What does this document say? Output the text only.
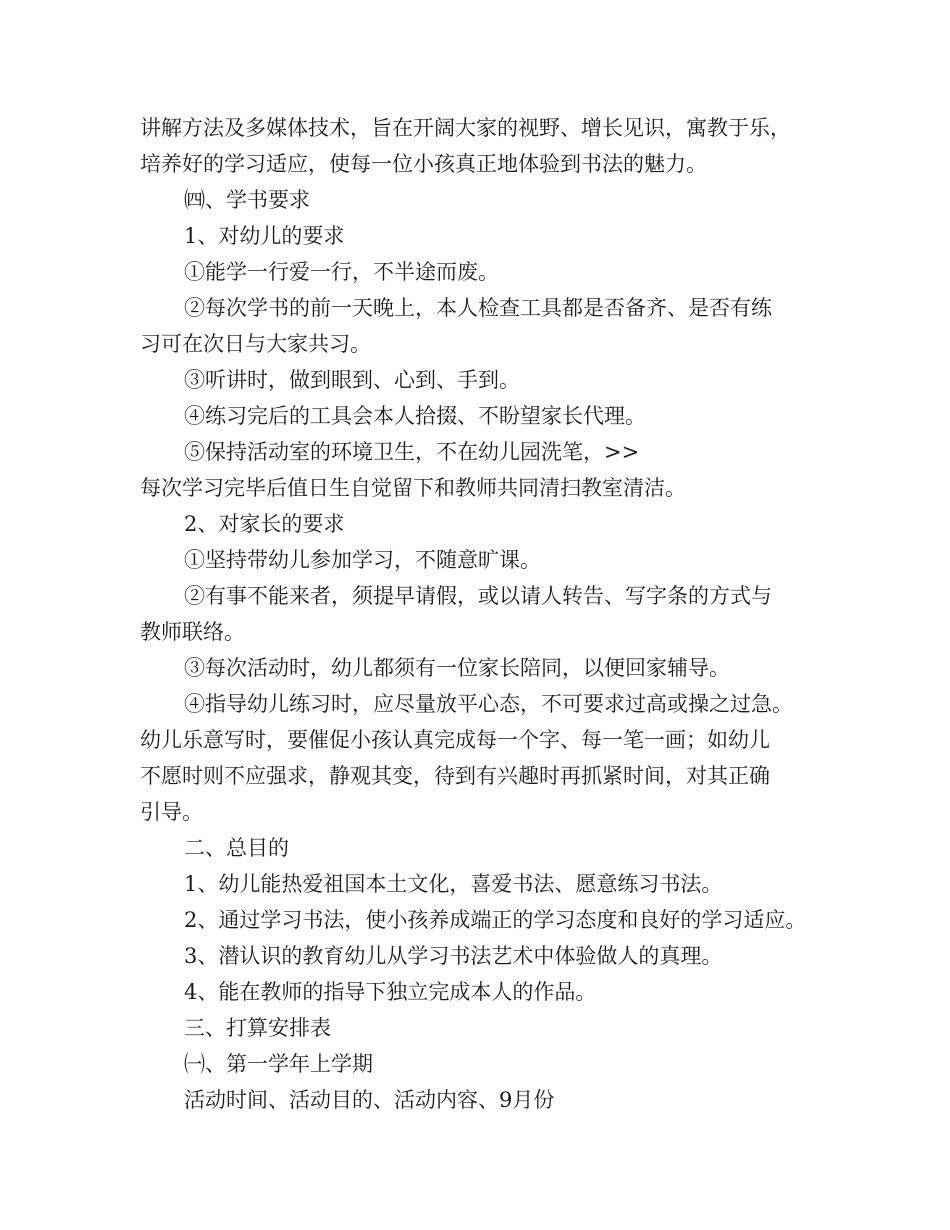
讲解方法及多媒体技术，旨在开阔大家的视野、增长见识，寓教于乐，

培养好的学习适应，使每一位小孩真正地体验到书法的魅力。

㈣、学书要求

1、对幼儿的要求

①能学一行爱一行，不半途而废。

②每次学书的前一天晚上，本人检查工具都是否备齐、是否有练

习可在次日与大家共习。

③听讲时，做到眼到、心到、手到。

④练习完后的工具会本人拾掇、不盼望家长代理。

⑤保持活动室的环境卫生，不在幼儿园洗笔，>>

每次学习完毕后值日生自觉留下和教师共同清扫教室清洁。

2、对家长的要求

①坚持带幼儿参加学习，不随意旷课。

②有事不能来者，须提早请假，或以请人转告、写字条的方式与

教师联络。

③每次活动时，幼儿都须有一位家长陪同，以便回家辅导。

④指导幼儿练习时，应尽量放平心态，不可要求过高或操之过急。

幼儿乐意写时，要催促小孩认真完成每一个字、每一笔一画；如幼儿

不愿时则不应强求，静观其变，待到有兴趣时再抓紧时间，对其正确

引导。

二、总目的

1、幼儿能热爱祖国本土文化，喜爱书法、愿意练习书法。

2、通过学习书法，使小孩养成端正的学习态度和良好的学习适应。

3、潜认识的教育幼儿从学习书法艺术中体验做人的真理。

4、能在教师的指导下独立完成本人的作品。

三、打算安排表

㈠、第一学年上学期

活动时间、活动目的、活动内容、9月份
